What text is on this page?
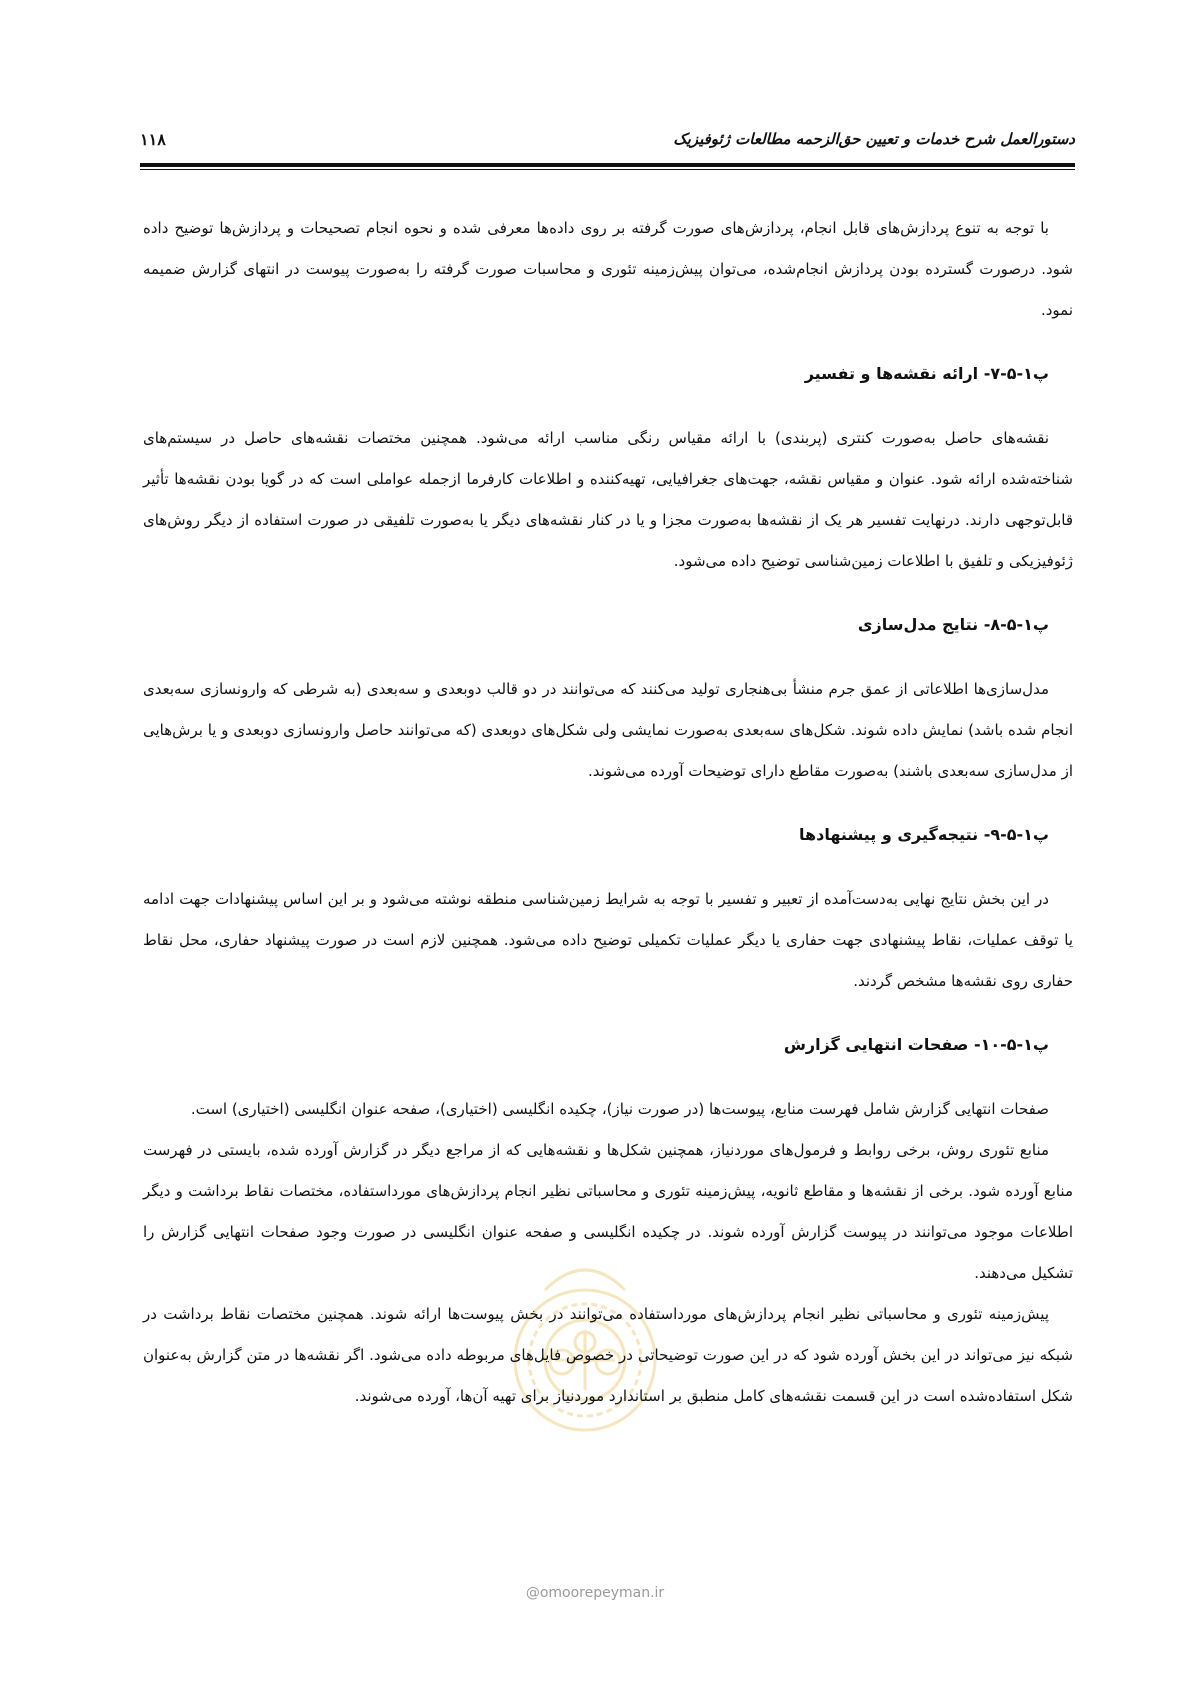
دستورالعمل شرح خدمات و تعیین حق‌الزحمه مطالعات ژئوفیزیک
۱۱۸
@omoorepeyman.ir

با توجه به تنوع پردازش‌های قابل انجام، پردازش‌های صورت گرفته بر روی داده‌ها معرفی شده و نحوه انجام تصحیحات و پردازش‌ها توضیح داده شود. درصورت گسترده بودن پردازش انجام‌شده، می‌توان پیش‌زمینه تئوری و محاسبات صورت گرفته را به‌صورت پیوست در انتهای گزارش ضمیمه نمود.

پ۱-۵-۷- ارائه نقشه‌ها و تفسیر

نقشه‌های حاصل به‌صورت کنتری (پربندی) با ارائه مقیاس رنگی مناسب ارائه می‌شود. همچنین مختصات نقشه‌های حاصل در سیستم‌های شناخته‌شده ارائه شود. عنوان و مقیاس نقشه، جهت‌های جغرافیایی، تهیه‌کننده و اطلاعات کارفرما ازجمله عواملی است که در گویا بودن نقشه‌ها تأثیر قابل‌توجهی دارند. درنهایت تفسیر هر یک از نقشه‌ها به‌صورت مجزا و یا در کنار نقشه‌های دیگر یا به‌صورت تلفیقی در صورت استفاده از دیگر روش‌های ژئوفیزیکی و تلفیق با اطلاعات زمین‌شناسی توضیح داده می‌شود.

پ۱-۵-۸- نتایج مدل‌سازی

مدل‌سازی‌ها اطلاعاتی از عمق جرم منشأ بی‌هنجاری تولید می‌کنند که می‌توانند در دو قالب دوبعدی و سه‌بعدی (به شرطی که وارونسازی سه‌بعدی انجام شده باشد) نمایش داده شوند. شکل‌های سه‌بعدی به‌صورت نمایشی ولی شکل‌های دوبعدی (که می‌توانند حاصل وارونسازی دوبعدی و یا برش‌هایی از مدل‌سازی سه‌بعدی باشند) به‌صورت مقاطع دارای توضیحات آورده می‌شوند.

پ۱-۵-۹- نتیجه‌گیری و پیشنهادها

در این بخش نتایج نهایی به‌دست‌آمده از تعبیر و تفسیر با توجه به شرایط زمین‌شناسی منطقه نوشته می‌شود و بر این اساس پیشنهادات جهت ادامه یا توقف عملیات، نقاط پیشنهادی جهت حفاری یا دیگر عملیات تکمیلی توضیح داده می‌شود. همچنین لازم است در صورت پیشنهاد حفاری، محل نقاط حفاری روی نقشه‌ها مشخص گردند.

پ۱-۵-۱۰- صفحات انتهایی گزارش

صفحات انتهایی گزارش شامل فهرست منابع، پیوست‌ها (در صورت نیاز)، چکیده انگلیسی (اختیاری)، صفحه عنوان انگلیسی (اختیاری) است.

منابع تئوری روش، برخی روابط و فرمول‌های موردنیاز، همچنین شکل‌ها و نقشه‌هایی که از مراجع دیگر در گزارش آورده شده، بایستی در فهرست منابع آورده شود. برخی از نقشه‌ها و مقاطع ثانویه، پیش‌زمینه تئوری و محاسباتی نظیر انجام پردازش‌های مورداستفاده، مختصات نقاط برداشت و دیگر اطلاعات موجود می‌توانند در پیوست گزارش آورده شوند. در چکیده انگلیسی و صفحه عنوان انگلیسی در صورت وجود صفحات انتهایی گزارش را تشکیل می‌دهند.

پیش‌زمینه تئوری و محاسباتی نظیر انجام پردازش‌های مورداستفاده می‌توانند در بخش پیوست‌ها ارائه شوند. همچنین مختصات نقاط برداشت در شبکه نیز می‌تواند در این بخش آورده شود که در این صورت توضیحاتی در خصوص فایل‌های مربوطه داده می‌شود. اگر نقشه‌ها در متن گزارش به‌عنوان شکل استفاده‌شده است در این قسمت نقشه‌های کامل منطبق بر استاندارد موردنیاز برای تهیه آن‌ها، آورده می‌شوند.
